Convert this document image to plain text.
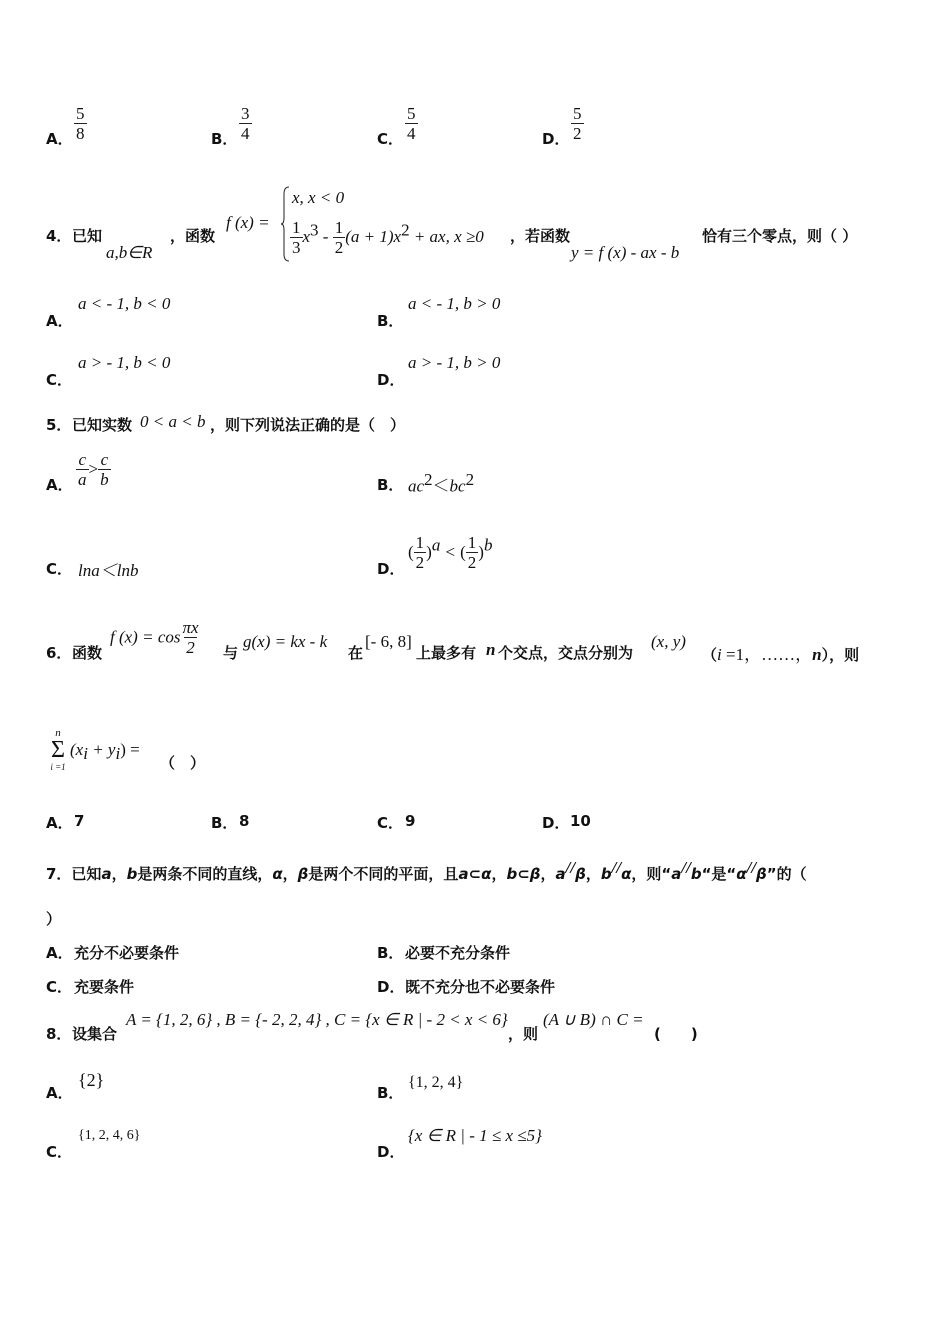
A． $\frac{5}{8}$	B． $\frac{3}{4}$	C． $\frac{5}{4}$	D． $\frac{5}{2}$
4． 已知
a,b∈R
，函数
f (x) =
x, x < 0
$\frac{1}{3} x^3 - \frac{1}{2} (a + 1)x^2$ + ax, x ≥0 ，若函数
y = f (x) - ax - b
恰有三个零点，则（ ）
A．
a < - 1, b < 0
B．
a < - 1, b > 0
C．
a > - 1, b < 0
D．
a > - 1, b > 0
5． 已知实数 0 < a < b ，则下列说法正确的是（　）
A． $\frac{c}{a} > \frac{c}{b}$	B． $ac^2<bc^2$
C． lna＜lnb	D．
( $\frac{1}{2} )^a$ < ( $\frac{1}{2} )^b$
6． 函数
f $(x) = \cos \frac{\pi x}{2}$ 与
g(x) = kx - k
在
[- 6, 8]
上最多有 n 个交点，交点分别为
(x, y)
（i =1，……，n），则
n
Σ
i =1
$(x_i + y_i)$ =
（　）
A． 7	B． 8	C． 9	D． 10
7．已知a，b是两条不同的直线，α，β是两个不同的平面，且a⊂α，b⊂β，a//β，b//α，则“a//b“是“α//β”的（
）
A． 充分不必要条件	B． 必要不充分条件
C． 充要条件	D． 既不充分也不必要条件
8． 设集合
A = {1, 2, 6} , B = {- 2, 2, 4} , C = {x ∈ R | - 2 < x < 6}
，则
(A ∪ B) ∩ C =
(　　)
A．
{2}
B．
{1, 2, 4}
C．
{1, 2, 4, 6}
D．
{x ∈ R | - 1 ≤ x ≤5}
